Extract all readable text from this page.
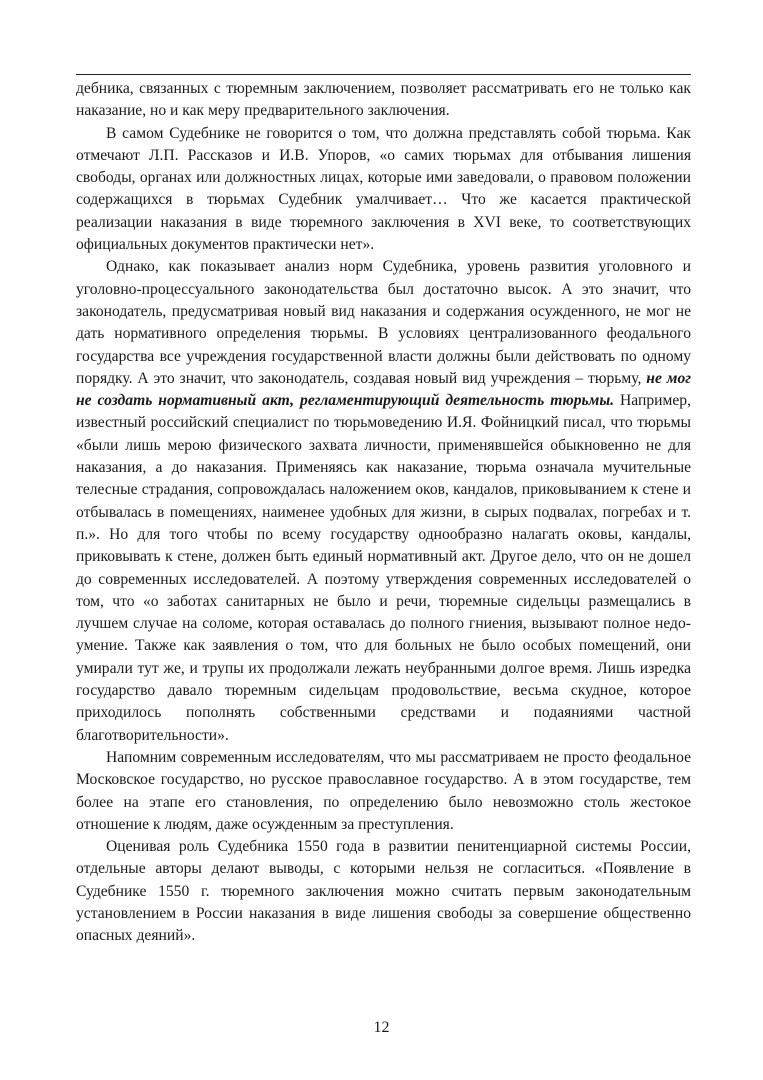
дебника, связанных с тюремным заключением, позволяет рассматривать его не только как наказание, но и как меру предварительного заключения.

В самом Судебнике не говорится о том, что должна представлять собой тюрьма. Как отмечают Л.П. Рассказов и И.В. Упоров, «о самих тюрьмах для отбывания лишения свободы, органах или должностных лицах, которые ими заведовали, о правовом положении содержащихся в тюрьмах Судебник умалчивает… Что же касается практической реализации наказания в виде тюремного заключения в XVI веке, то соответствующих официальных документов практически нет».

Однако, как показывает анализ норм Судебника, уровень развития уголовного и уголовно-процессуального законодательства был достаточно высок. А это значит, что законодатель, предусматривая новый вид наказания и содержания осужденного, не мог не дать нормативного определения тюрьмы. В условиях централизованного феодального государства все учреждения государственной власти должны были действовать по одному порядку. А это значит, что законодатель, создавая новый вид учреждения – тюрьму, не мог не создать нормативный акт, регламентирующий деятельность тюрьмы. Например, известный российский специалист по тюрьмоведению И.Я. Фойницкий писал, что тюрьмы «были лишь мерою физического захвата личности, применявшейся обыкновенно не для наказания, а до наказания. Применяясь как наказание, тюрьма означала мучительные телесные страдания, сопровождалась наложением оков, кандалов, приковыванием к стене и отбывалась в помещениях, наименее удобных для жизни, в сырых подвалах, погребах и т. п.». Но для того чтобы по всему государству однообразно налагать оковы, кандалы, приковывать к стене, должен быть единый нормативный акт. Другое дело, что он не дошел до современных исследователей. А поэтому утверждения современных исследователей о том, что «о заботах санитарных не было и речи, тюремные сидельцы размещались в лучшем случае на соломе, которая оставалась до полного гниения, вызывают полное недоумение. Также как заявления о том, что для больных не было особых помещений, они умирали тут же, и трупы их продолжали лежать неубранными долгое время. Лишь изредка государство давало тюремным сидельцам продовольствие, весьма скудное, которое приходилось пополнять собственными средствами и подаяниями частной благотворительности».

Напомним современным исследователям, что мы рассматриваем не просто феодальное Московское государство, но русское православное государство. А в этом государстве, тем более на этапе его становления, по определению было невозможно столь жестокое отношение к людям, даже осужденным за преступления.

Оценивая роль Судебника 1550 года в развитии пенитенциарной системы России, отдельные авторы делают выводы, с которыми нельзя не согласиться. «Появление в Судебнике 1550 г. тюремного заключения можно считать первым законодательным установлением в России наказания в виде лишения свободы за совершение общественно опасных деяний».

12
